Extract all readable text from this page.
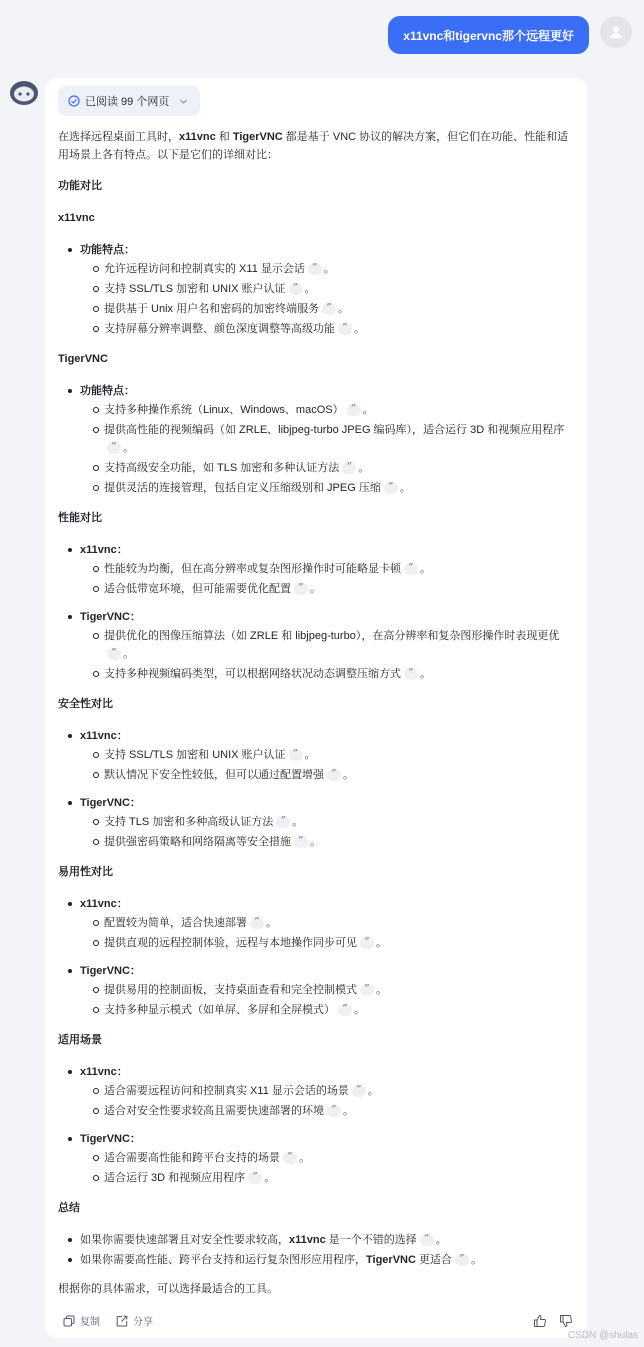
x11vnc和tigervnc那个远程更好
已阅读 99 个网页
在选择远程桌面工具时，x11vnc 和 TigerVNC 都是基于 VNC 协议的解决方案，但它们在功能、性能和适用场景上各有特点。以下是它们的详细对比：
功能对比
x11vnc
功能特点：
允许远程访问和控制真实的 X11 显示会话 ” 。
支持 SSL/TLS 加密和 UNIX 账户认证 ” 。
提供基于 Unix 用户名和密码的加密终端服务 ” 。
支持屏幕分辨率调整、颜色深度调整等高级功能 ” 。
TigerVNC
功能特点：
支持多种操作系统（Linux、Windows、macOS） ” 。
提供高性能的视频编码（如 ZRLE、libjpeg-turbo JPEG 编码库），适合运行 3D 和视频应用程序” 。
支持高级安全功能，如 TLS 加密和多种认证方法 ” 。
提供灵活的连接管理，包括自定义压缩级别和 JPEG 压缩 ” 。
性能对比
x11vnc：
性能较为均衡，但在高分辨率或复杂图形操作时可能略显卡顿 ” 。
适合低带宽环境，但可能需要优化配置 ” 。
TigerVNC：
提供优化的图像压缩算法（如 ZRLE 和 libjpeg-turbo），在高分辨率和复杂图形操作时表现更优” 。
支持多种视频编码类型，可以根据网络状况动态调整压缩方式 ” 。
安全性对比
x11vnc：
支持 SSL/TLS 加密和 UNIX 账户认证 ” 。
默认情况下安全性较低，但可以通过配置增强 ” 。
TigerVNC：
支持 TLS 加密和多种高级认证方法 ” 。
提供强密码策略和网络隔离等安全措施 ” 。
易用性对比
x11vnc：
配置较为简单，适合快速部署 ” 。
提供直观的远程控制体验，远程与本地操作同步可见 ” 。
TigerVNC：
提供易用的控制面板，支持桌面查看和完全控制模式 ” 。
支持多种显示模式（如单屏、多屏和全屏模式） ” 。
适用场景
x11vnc：
适合需要远程访问和控制真实 X11 显示会话的场景 ” 。
适合对安全性要求较高且需要快速部署的环境 ” 。
TigerVNC：
适合需要高性能和跨平台支持的场景 ” 。
适合运行 3D 和视频应用程序 ” 。
总结
如果你需要快速部署且对安全性要求较高，x11vnc 是一个不错的选择 ” 。
如果你需要高性能、跨平台支持和运行复杂图形应用程序，TigerVNC 更适合 ” 。
根据你的具体需求，可以选择最适合的工具。
复制	分享
CSDN @shulas
